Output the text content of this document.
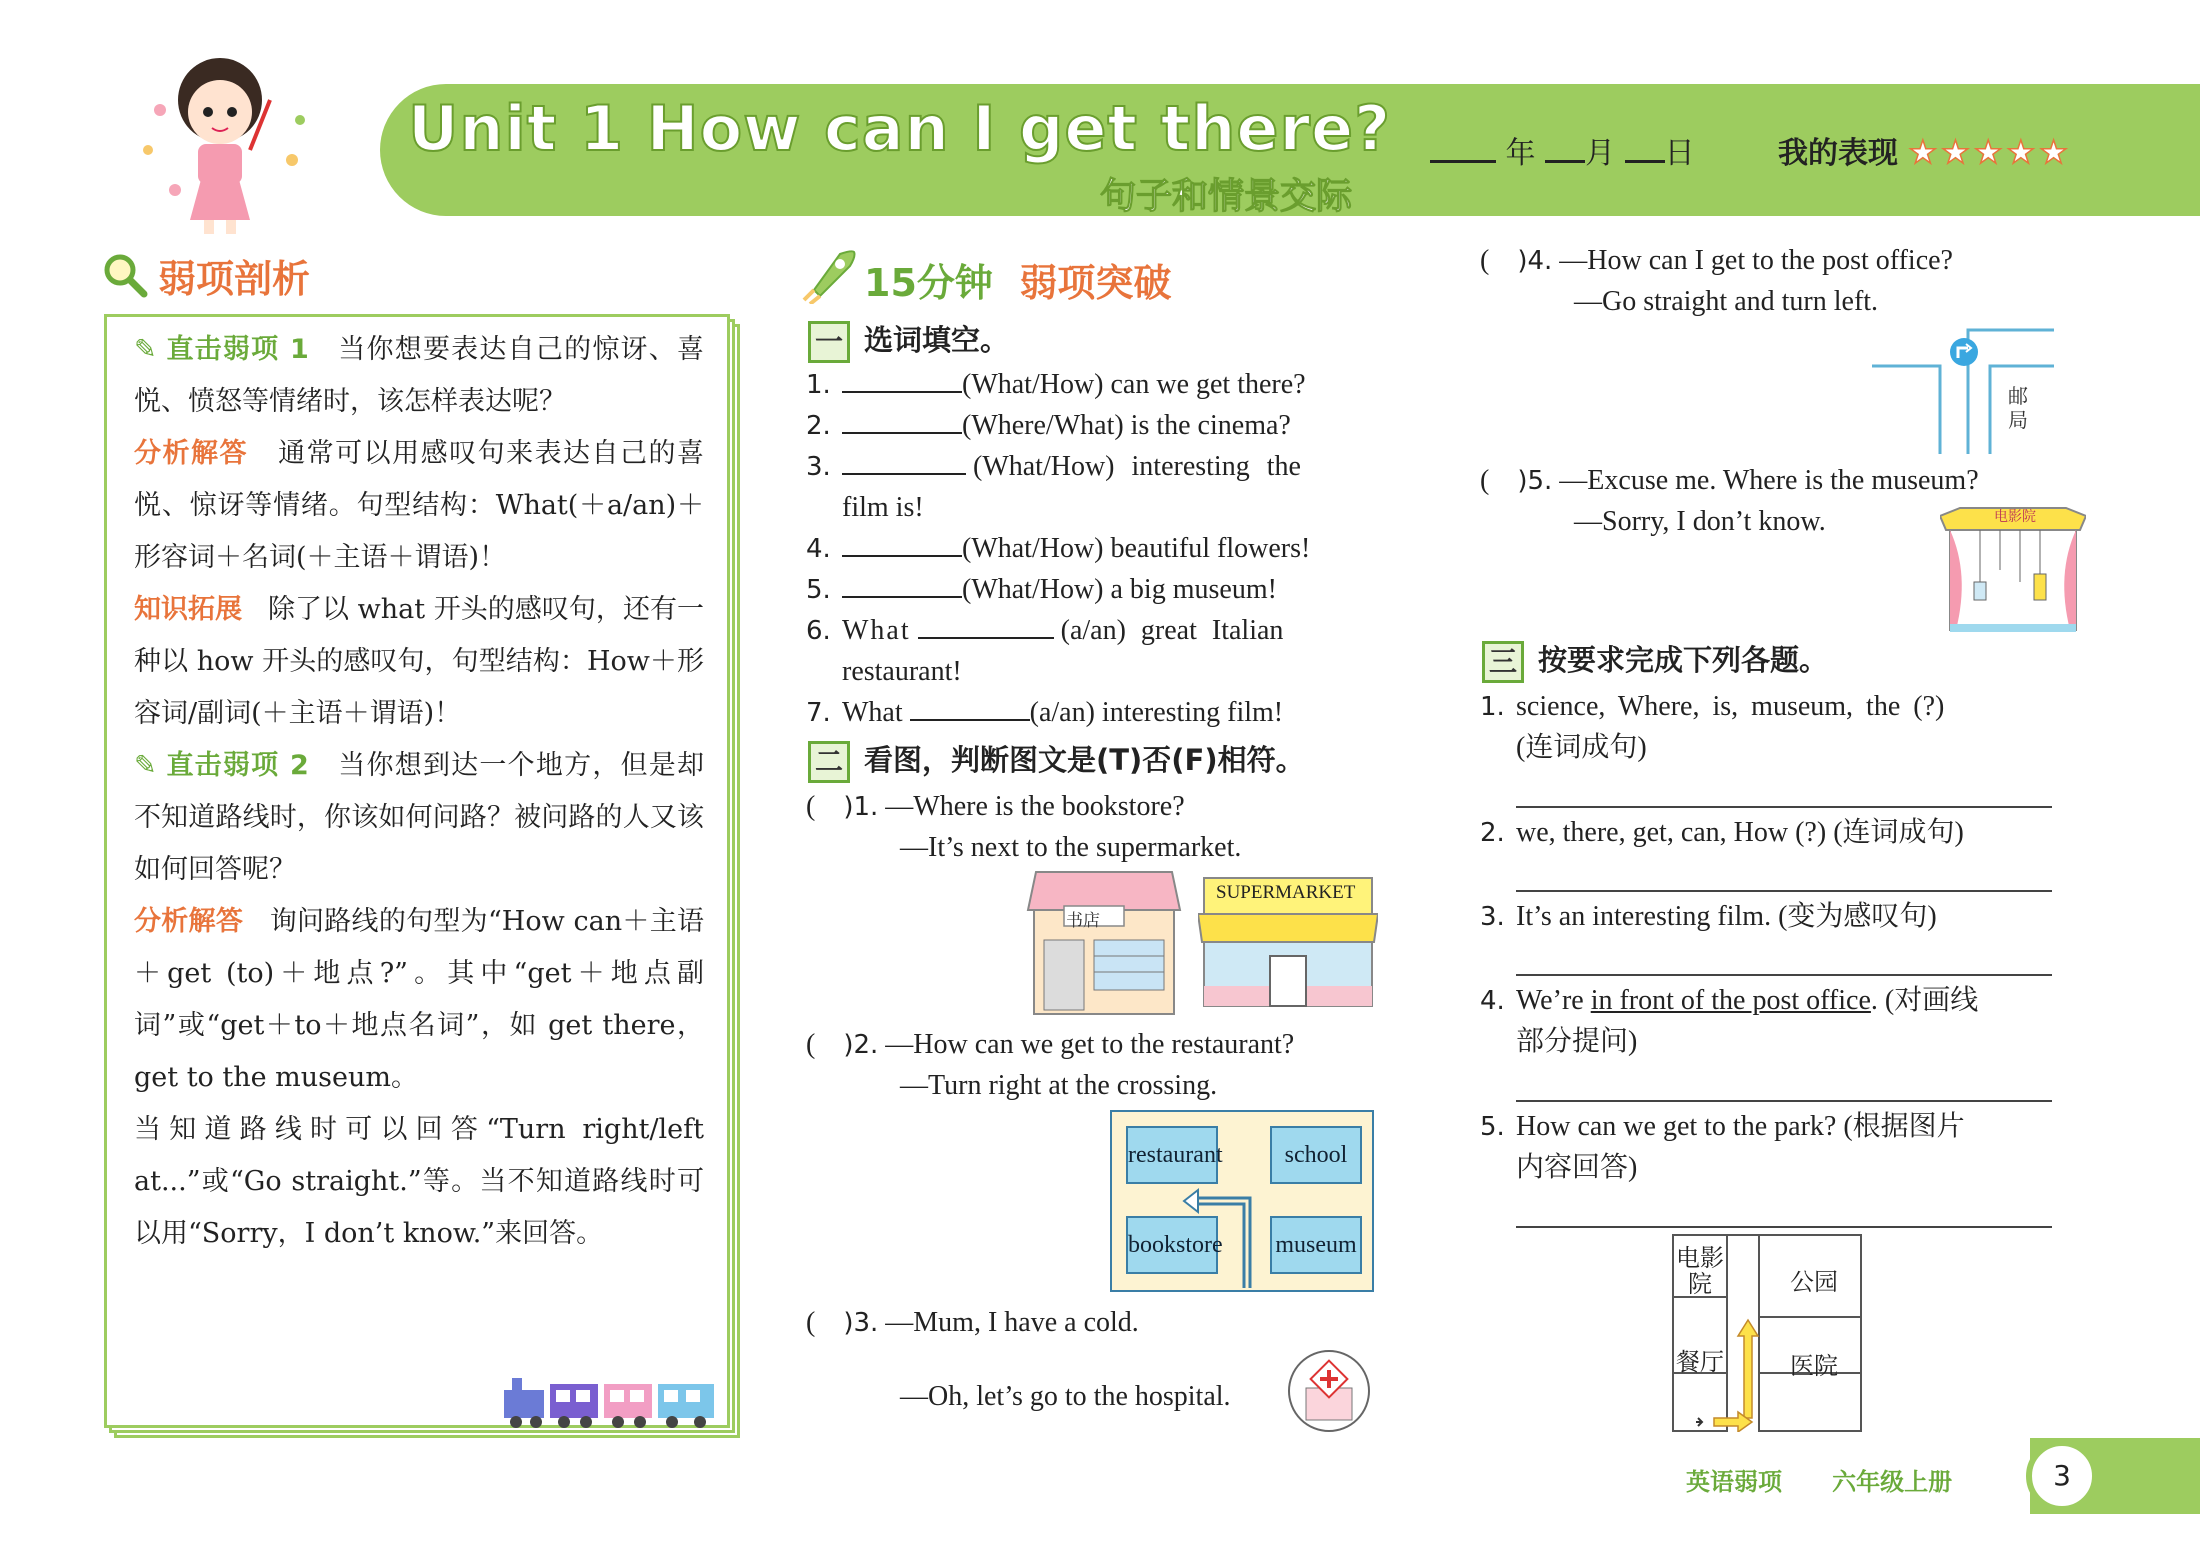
Unit 1 How can I get there?
句子和情景交际
年 月 日	我的表现 ★★★★★
弱项剖析

✎ 直击弱项 1 当你想要表达自己的惊讶、喜悦、愤怒等情绪时，该怎样表达呢？

分析解答 通常可以用感叹句来表达自己的喜悦、惊讶等情绪。句型结构：What(＋a/an)＋形容词＋名词(＋主语＋谓语)！

知识拓展 除了以 what 开头的感叹句，还有一种以 how 开头的感叹句，句型结构：How＋形容词/副词(＋主语＋谓语)！

✎ 直击弱项 2 当你想到达一个地方，但是却不知道路线时，你该如何问路？被问路的人又该如何回答呢？

分析解答 询问路线的句型为“How can＋主语＋get (to)＋地点?”。其中“get＋地点副词”或“get＋to＋地点名词”，如 get there，get to the museum。

当知道路线时可以回答“Turn right/left at...”或“Go straight.”等。当不知道路线时可以用“Sorry，I don’t know.”来回答。

15分钟 弱项突破
一 选词填空。
1.	(What/How) can we get there?
2.	(Where/What) is the cinema?
3.	(What/How) interesting the
film is!
4.	(What/How) beautiful flowers!
5.	(What/How) a big museum!
6. What	(a/an) great Italian
restaurant!
7. What	(a/an) interesting film!
二 看图，判断图文是(T)否(F)相符。
(    )1. —Where is the bookstore?
—It’s next to the supermarket.
书店
SUPERMARKET
(    )2. —How can we get to the restaurant?
—Turn right at the crossing.
restaurant	school
bookstore museum
(    )3. —Mum, I have a cold.
—Oh, let’s go to the hospital.
(    )4. —How can I get to the post office?
—Go straight and turn left.
邮局
(    )5. —Excuse me. Where is the museum?
—Sorry, I don’t know.	电影院
三 按要求完成下列各题。
1. science, Where, is, museum, the (?)
(连词成句)
2. we, there, get, can, How (?) (连词成句)
3. It’s an interesting film. (变为感叹句)
4. We’re in front of the post office. (对画线
部分提问)
5. How can we get to the park? (根据图片
内容回答)
电影院	公园
餐厅	医院
英语弱项 六年级上册	3
